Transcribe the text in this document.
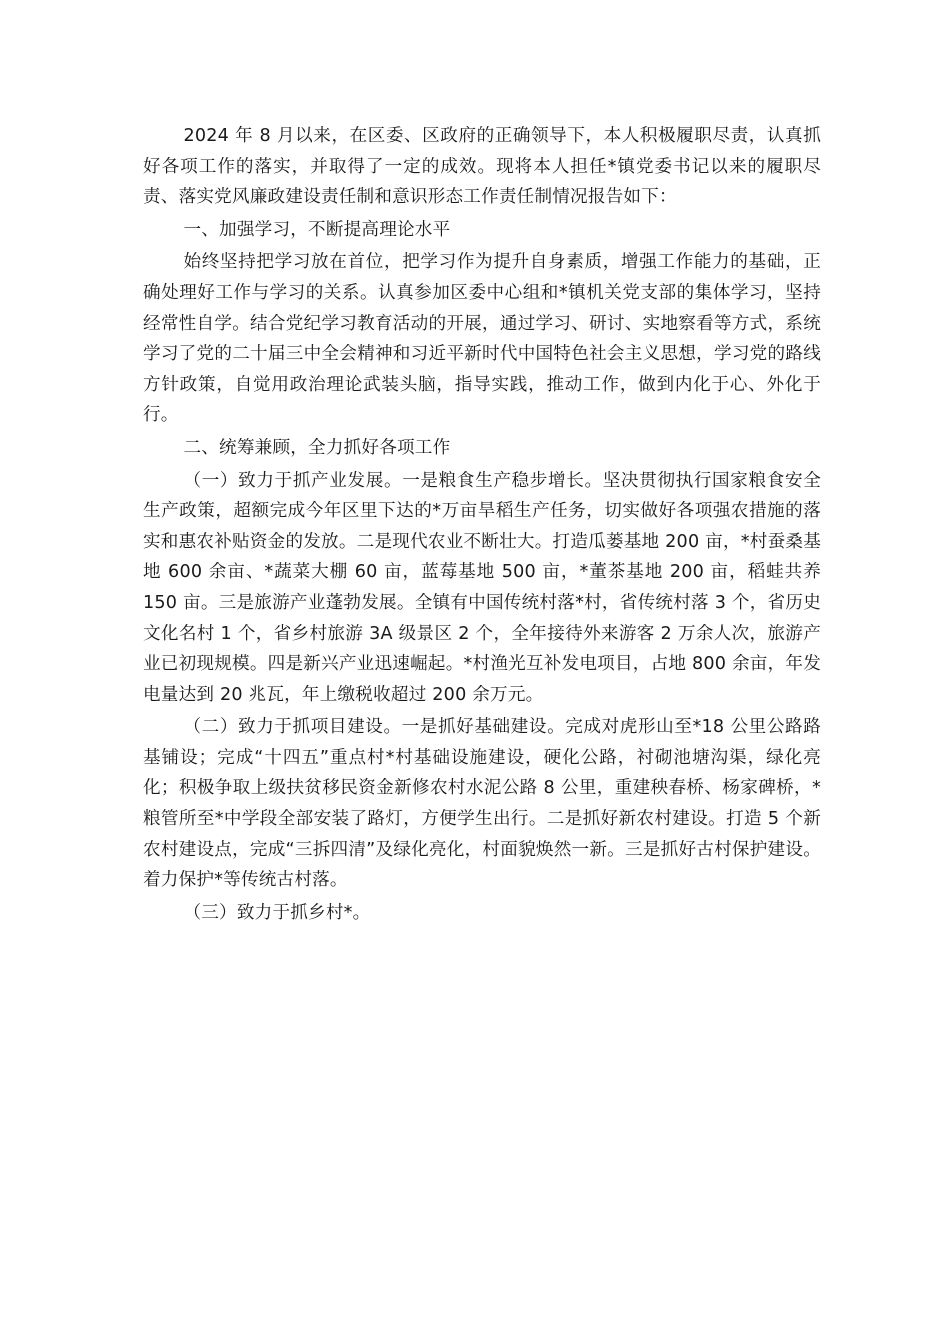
2024 年 8 月以来，在区委、区政府的正确领导下，本人积极履职尽责，认真抓好各项工作的落实，并取得了一定的成效。现将本人担任*镇党委书记以来的履职尽责、落实党风廉政建设责任制和意识形态工作责任制情况报告如下：

一、加强学习，不断提高理论水平

始终坚持把学习放在首位，把学习作为提升自身素质，增强工作能力的基础，正确处理好工作与学习的关系。认真参加区委中心组和*镇机关党支部的集体学习，坚持经常性自学。结合党纪学习教育活动的开展，通过学习、研讨、实地察看等方式，系统学习了党的二十届三中全会精神和习近平新时代中国特色社会主义思想，学习党的路线方针政策，自觉用政治理论武装头脑，指导实践，推动工作，做到内化于心、外化于行。

二、统筹兼顾，全力抓好各项工作

（一）致力于抓产业发展。一是粮食生产稳步增长。坚决贯彻执行国家粮食安全生产政策，超额完成今年区里下达的*万亩旱稻生产任务，切实做好各项强农措施的落实和惠农补贴资金的发放。二是现代农业不断壮大。打造瓜蒌基地 200 亩，*村蚕桑基地 600 余亩、*蔬菜大棚 60 亩，蓝莓基地 500 亩，*董茶基地 200 亩，稻蛙共养 150 亩。三是旅游产业蓬勃发展。全镇有中国传统村落*村，省传统村落 3 个，省历史文化名村 1 个，省乡村旅游 3A 级景区 2 个，全年接待外来游客 2 万余人次，旅游产业已初现规模。四是新兴产业迅速崛起。*村渔光互补发电项目，占地 800 余亩，年发电量达到 20 兆瓦，年上缴税收超过 200 余万元。

（二）致力于抓项目建设。一是抓好基础建设。完成对虎形山至*18 公里公路路基铺设；完成“十四五”重点村*村基础设施建设，硬化公路，衬砌池塘沟渠，绿化亮化；积极争取上级扶贫移民资金新修农村水泥公路 8 公里，重建秧春桥、杨家碑桥，*粮管所至*中学段全部安装了路灯，方便学生出行。二是抓好新农村建设。打造 5 个新农村建设点，完成“三拆四清”及绿化亮化，村面貌焕然一新。三是抓好古村保护建设。着力保护*等传统古村落。

（三）致力于抓乡村*。
